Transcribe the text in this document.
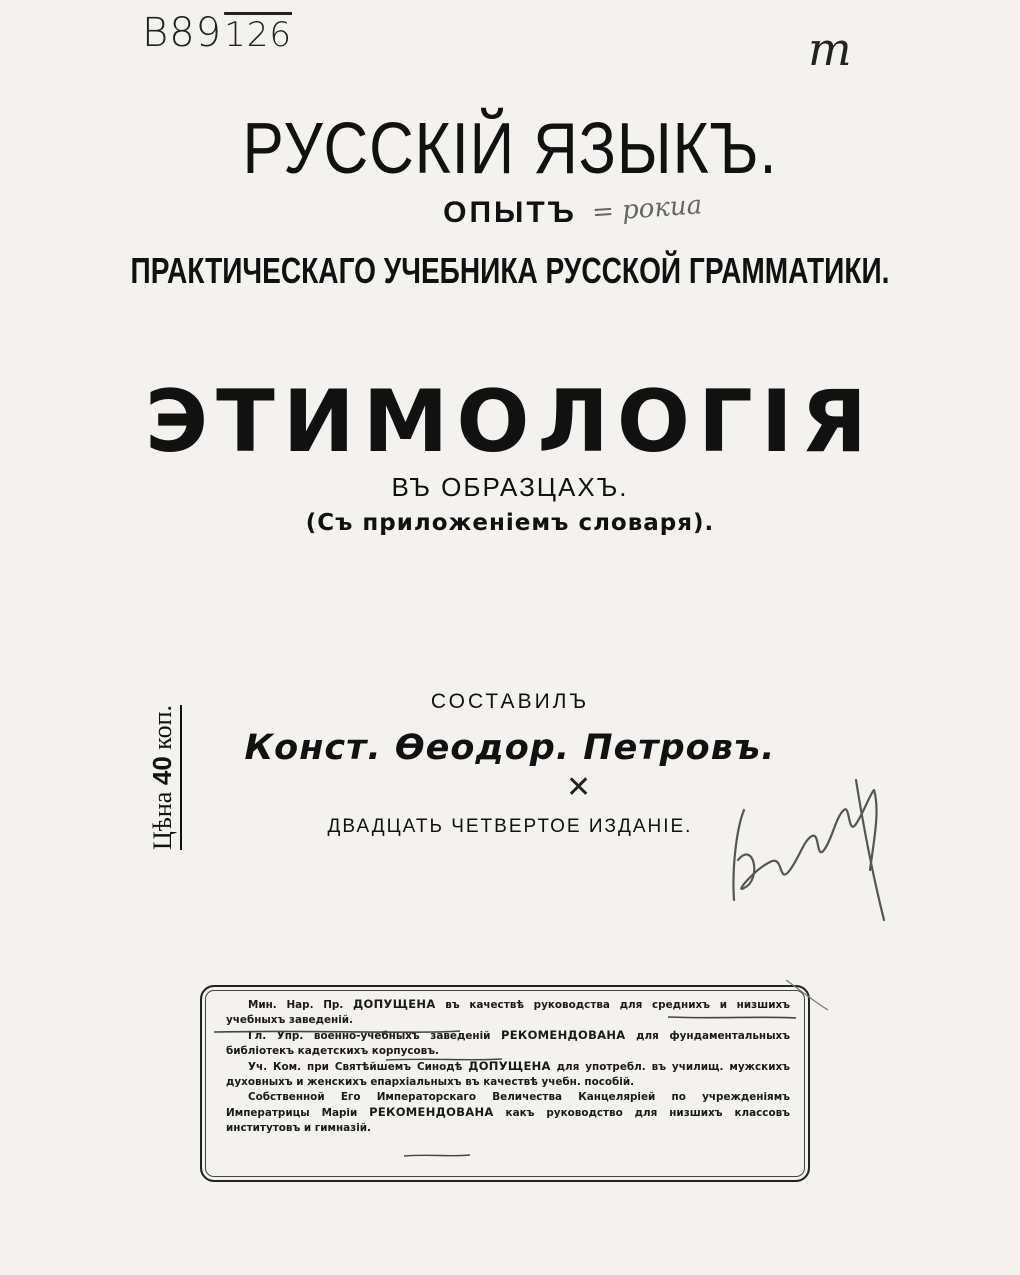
B89126	m
= рокиа
РУССКІЙ ЯЗЫКЪ.
ОПЫТЪ
ПРАКТИЧЕСКАГО УЧЕБНИКА РУССКОЙ ГРАММАТИКИ.
ЭТИМОЛОГІЯ
ВЪ ОБРАЗЦАХЪ.
(Съ приложеніемъ словаря).
Цѣна 40 коп.
СОСТАВИЛЪ
Конст. Ѳеодор. Петровъ.
✕
ДВАДЦАТЬ ЧЕТВЕРТОЕ ИЗДАНІЕ.

Мин. Нар. Пр. ДОПУЩЕНА въ качествѣ руководства для среднихъ и низшихъ учебныхъ заведеній.

Гл. Упр. военно-учебныхъ заведеній РЕКОМЕНДОВАНА для фундаментальныхъ библіотекъ кадетскихъ корпусовъ.

Уч. Ком. при Святѣйшемъ Синодѣ ДОПУЩЕНА для употребл. въ училищ. мужскихъ духовныхъ и женскихъ епархіальныхъ въ качествѣ учебн. пособій.

Собственной Его Императорскаго Величества Канцеляріей по учрежденіямъ Императрицы Маріи РЕКОМЕНДОВАНА какъ руководство для низшихъ классовъ институтовъ и гимназій.
